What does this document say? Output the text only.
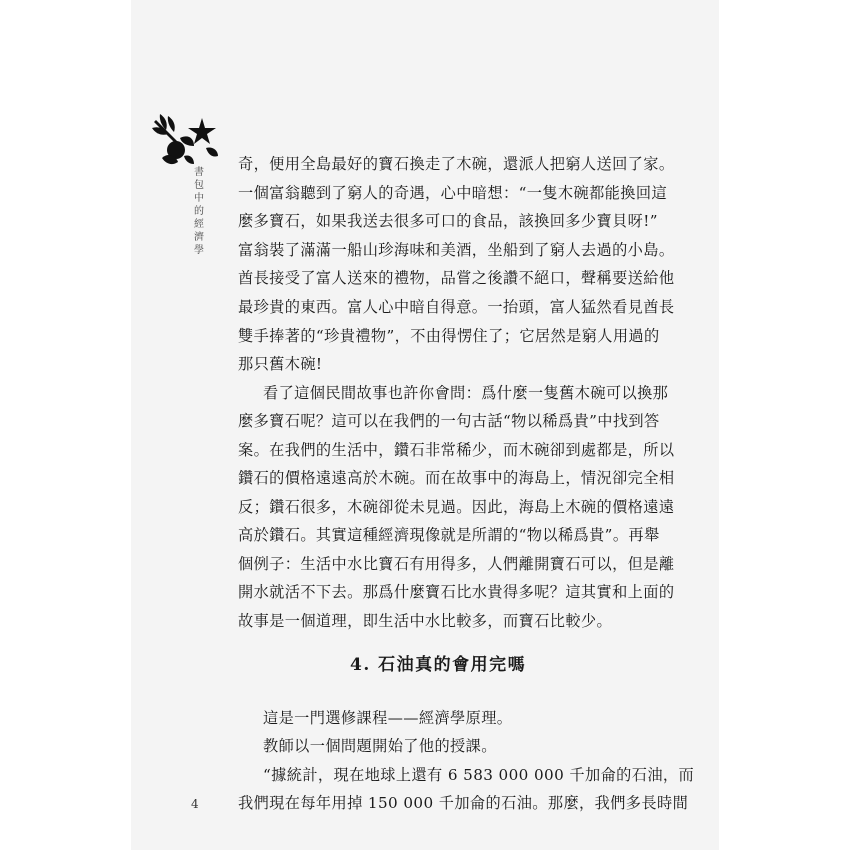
書
包
中
的
經
濟
學
奇，便用全島最好的寶石換走了木碗，還派人把窮人送回了家。
一個富翁聽到了窮人的奇遇，心中暗想：“一隻木碗都能換回這
麼多寶石，如果我送去很多可口的食品，該換回多少寶貝呀!”
富翁裝了滿滿一船山珍海味和美酒，坐船到了窮人去過的小島。
酋長接受了富人送來的禮物，品嘗之後讚不絕口，聲稱要送給他
最珍貴的東西。富人心中暗自得意。一抬頭，富人猛然看見酋長
雙手捧著的“珍貴禮物”，不由得愣住了；它居然是窮人用過的
那只舊木碗!
看了這個民間故事也許你會問：爲什麼一隻舊木碗可以換那
麼多寶石呢？這可以在我們的一句古話“物以稀爲貴”中找到答
案。在我們的生活中，鑽石非常稀少，而木碗卻到處都是，所以
鑽石的價格遠遠高於木碗。而在故事中的海島上，情況卻完全相
反；鑽石很多，木碗卻從未見過。因此，海島上木碗的價格遠遠
高於鑽石。其實這種經濟現像就是所謂的“物以稀爲貴”。再舉
個例子：生活中水比寶石有用得多，人們離開寶石可以，但是離
開水就活不下去。那爲什麼寶石比水貴得多呢？這其實和上面的
故事是一個道理，即生活中水比較多，而寶石比較少。
4. 石油真的會用完嗎
這是一門選修課程——經濟學原理。
教師以一個問題開始了他的授課。
“據統計，現在地球上還有 6 583 000 000 千加侖的石油，而
我們現在每年用掉 150 000 千加侖的石油。那麼，我們多長時間
4
